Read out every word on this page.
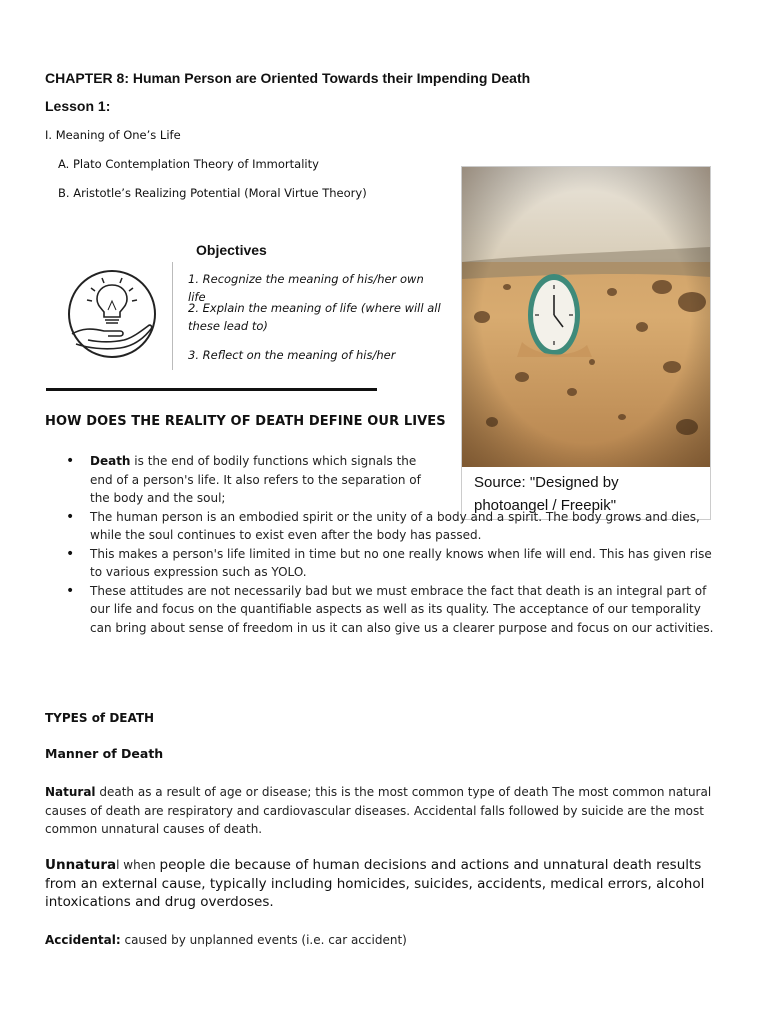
CHAPTER 8: Human Person are Oriented Towards their Impending Death
Lesson 1:
I. Meaning of One’s Life
A. Plato Contemplation Theory of Immortality
B. Aristotle’s Realizing Potential (Moral Virtue Theory)
Objectives
1. Recognize the meaning of his/her own life
2. Explain the meaning of life (where will all these lead to)
3. Reflect on the meaning of his/her
Source: "Designed by
photoangel / Freepik"
HOW DOES THE REALITY OF DEATH DEFINE OUR LIVES
• Death is the end of bodily functions which signals the end of a person's life. It also refers to the separation of the body and the soul;
• The human person is an embodied spirit or the unity of a body and a spirit. The body grows and dies, while the soul continues to exist even after the body has passed.
• This makes a person's life limited in time but no one really knows when life will end. This has given rise to various expression such as YOLO.
• These attitudes are not necessarily bad but we must embrace the fact that death is an integral part of our life and focus on the quantifiable aspects as well as its quality. The acceptance of our temporality can bring about sense of freedom in us it can also give us a clearer purpose and focus on our activities.
TYPES of DEATH
Manner of Death
Natural death as a result of age or disease; this is the most common type of death The most common natural causes of death are respiratory and cardiovascular diseases. Accidental falls followed by suicide are the most common unnatural causes of death.
Unnatural when people die because of human decisions and actions and unnatural death results from an external cause, typically including homicides, suicides, accidents, medical errors, alcohol intoxications and drug overdoses.
Accidental: caused by unplanned events (i.e. car accident)
